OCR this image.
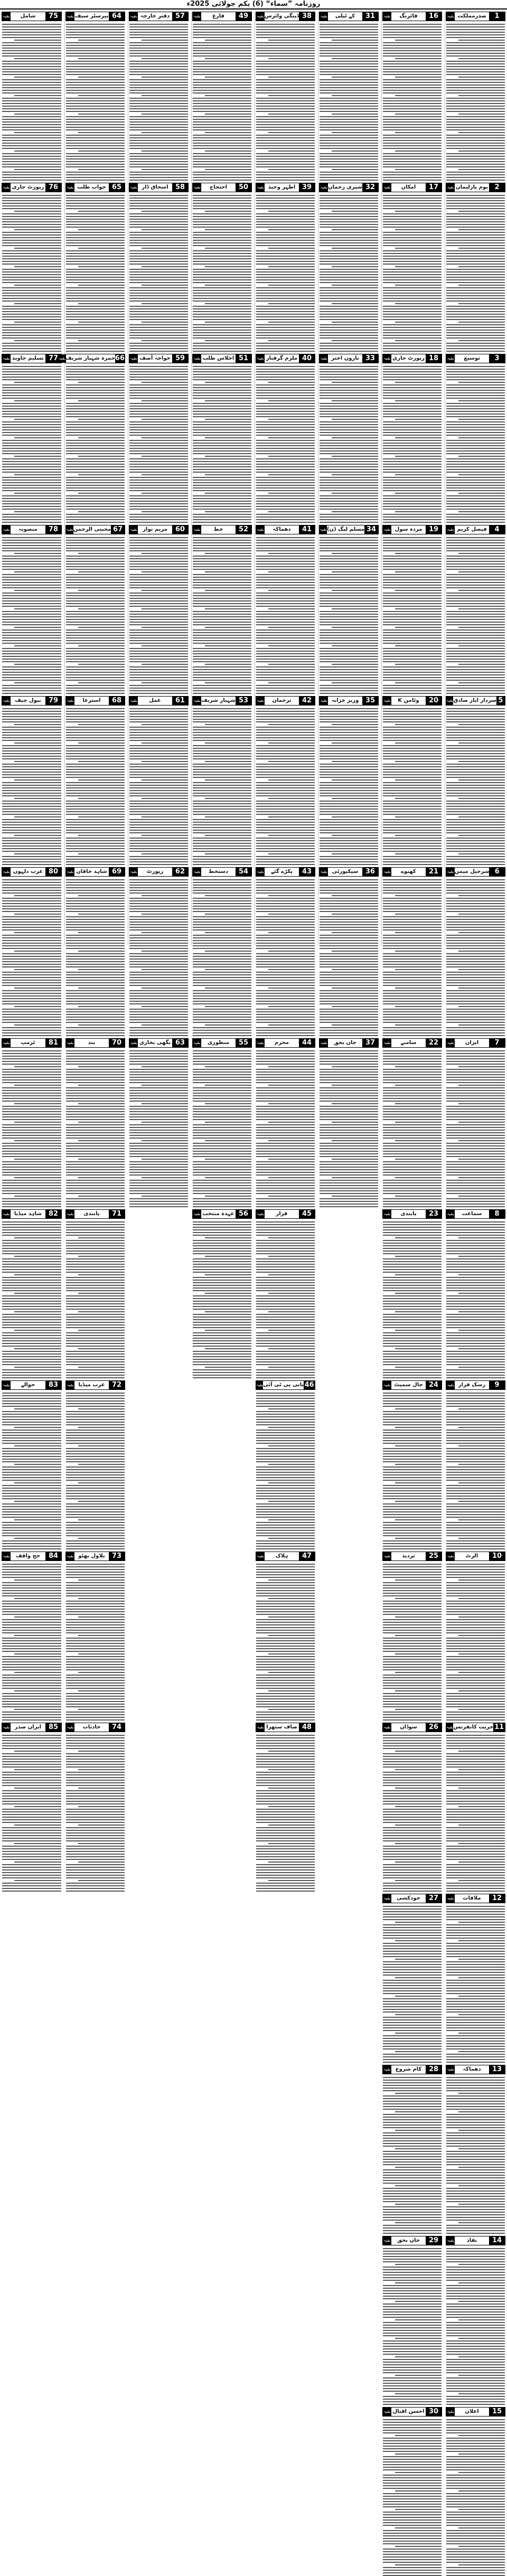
روزنامہ ”سماء“ (6) یکم جولائی 2025ء
1
صدرمملکت
بقیہ
2
یوم پارلیمان
بقیہ
3
توسیع
بقیہ
4
فیصل کریم
بقیہ
5
سردار ایاز صادق
بقیہ
6
شرجیل میمن
بقیہ
7
ایران
بقیہ
8
سماعت
بقیہ
9
رسک فرار
بقیہ
10
الرٹ
بقیہ
11
حریت کانفرنس
بقیہ
12
ملاقات
بقیہ
13
دھماکہ
بقیہ
14
نفاذ
بقیہ
15
اعلان
بقیہ
16
فائرنگ
بقیہ
17
امکان
بقیہ
18
رپورٹ جاری
بقیہ
19
مردہ سول
بقیہ
20
وٹامن K
بقیہ
21
کھنوے
بقیہ
22
سامنے
بقیہ
23
پابندی
بقیہ
24
جال سمیٹ
بقیہ
25
تردید
بقیہ
26
سوڈان
بقیہ
27
خودکشی
بقیہ
28
کام شروع
بقیہ
29
جاں بحق
بقیہ
30
احسن اقبال
بقیہ
31
کے ٹیلی
بقیہ
32
شیری رحمان
بقیہ
33
بارون اختر
بقیہ
34
مسلم لیگ (ن)
بقیہ
35
وزیر خزانہ
بقیہ
36
سیکیورٹی
بقیہ
37
جاں بحق
بقیہ
38
ڈینگی وائرس
بقیہ
39
اطہر وحید
بقیہ
40
ملزم گرفتار
بقیہ
41
دھماکہ
بقیہ
42
ترجمان
بقیہ
43
پکڑے گئے
بقیہ
44
محرم
بقیہ
45
فرار
بقیہ
46
بانی پی ٹی آئی
بقیہ
47
ہلاک
بقیہ
48
صاف ستھرا
بقیہ
49
فارغ
بقیہ
50
احتجاج
بقیہ
51
اجلاس طلب
بقیہ
52
خط
بقیہ
53
شہباز شریف
بقیہ
54
دستخط
بقیہ
55
منظوری
بقیہ
56
عہدہ منتخب
بقیہ
57
دفتر خارجہ
بقیہ
58
اسحاق ڈار
بقیہ
59
خواجہ آصف
بقیہ
60
مریم نواز
بقیہ
61
عمل
بقیہ
62
رپورٹ
بقیہ
63
بگھی بخاری
بقیہ
64
بیرسٹر سیف
بقیہ
65
جواب طلب
بقیہ
66
حمزہ شہباز شریف
بقیہ
67
محبتی الرحمن
بقیہ
68
استرعا
بقیہ
69
شاہد خاقان
بقیہ
70
بند
بقیہ
71
پابندی
بقیہ
72
عرب میڈیا
بقیہ
73
بلاول بھٹو
بقیہ
74
حادثات
بقیہ
75
شامل
بقیہ
76
رپورٹ جاری
بقیہ
77
تسلیم جاوید
بقیہ
78
منصوبہ
بقیہ
79
نیول چیف
بقیہ
80
عرب دلہوں
بقیہ
81
ٹرمپ
بقیہ
82
شاہد میڈیا
بقیہ
83
حوالے
بقیہ
84
جج واقف
بقیہ
85
ایران صدر
بقیہ
